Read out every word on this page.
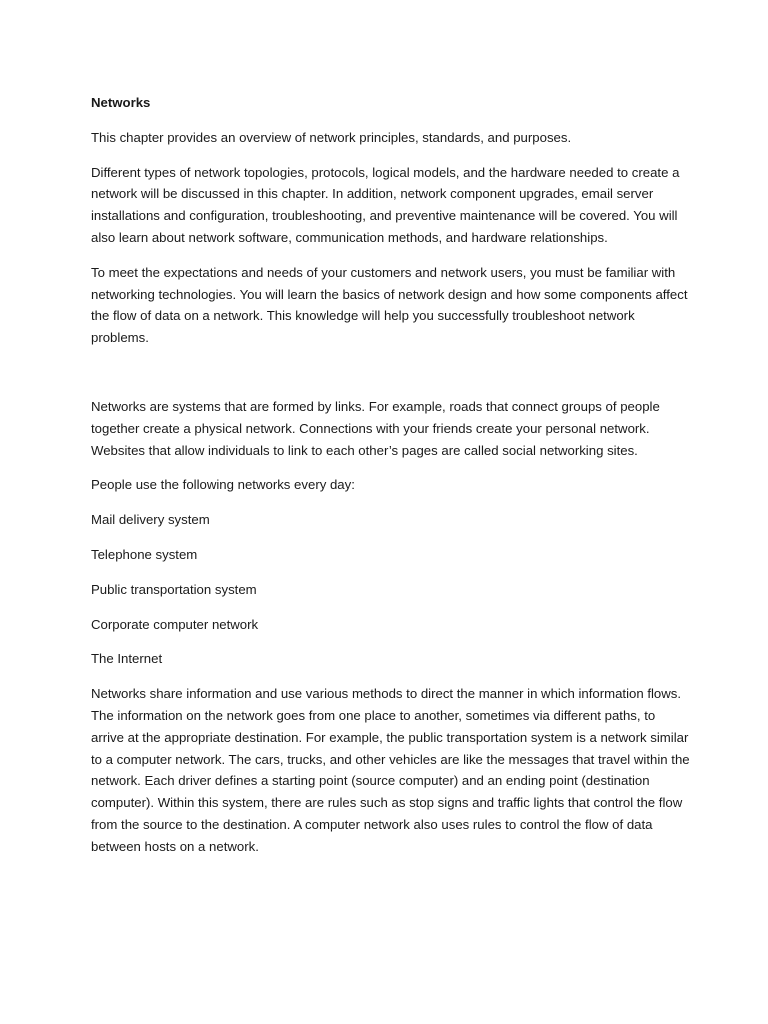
Networks

This chapter provides an overview of network principles, standards, and purposes.

Different types of network topologies, protocols, logical models, and the hardware needed to create a network will be discussed in this chapter. In addition, network component upgrades, email server installations and configuration, troubleshooting, and preventive maintenance will be covered. You will also learn about network software, communication methods, and hardware relationships.

To meet the expectations and needs of your customers and network users, you must be familiar with networking technologies. You will learn the basics of network design and how some components affect the flow of data on a network. This knowledge will help you successfully troubleshoot network problems.

Networks are systems that are formed by links. For example, roads that connect groups of people together create a physical network. Connections with your friends create your personal network. Websites that allow individuals to link to each other’s pages are called social networking sites.

People use the following networks every day:

Mail delivery system
Telephone system
Public transportation system
Corporate computer network
The Internet

Networks share information and use various methods to direct the manner in which information flows. The information on the network goes from one place to another, sometimes via different paths, to arrive at the appropriate destination. For example, the public transportation system is a network similar to a computer network. The cars, trucks, and other vehicles are like the messages that travel within the network. Each driver defines a starting point (source computer) and an ending point (destination computer). Within this system, there are rules such as stop signs and traffic lights that control the flow from the source to the destination. A computer network also uses rules to control the flow of data between hosts on a network.
